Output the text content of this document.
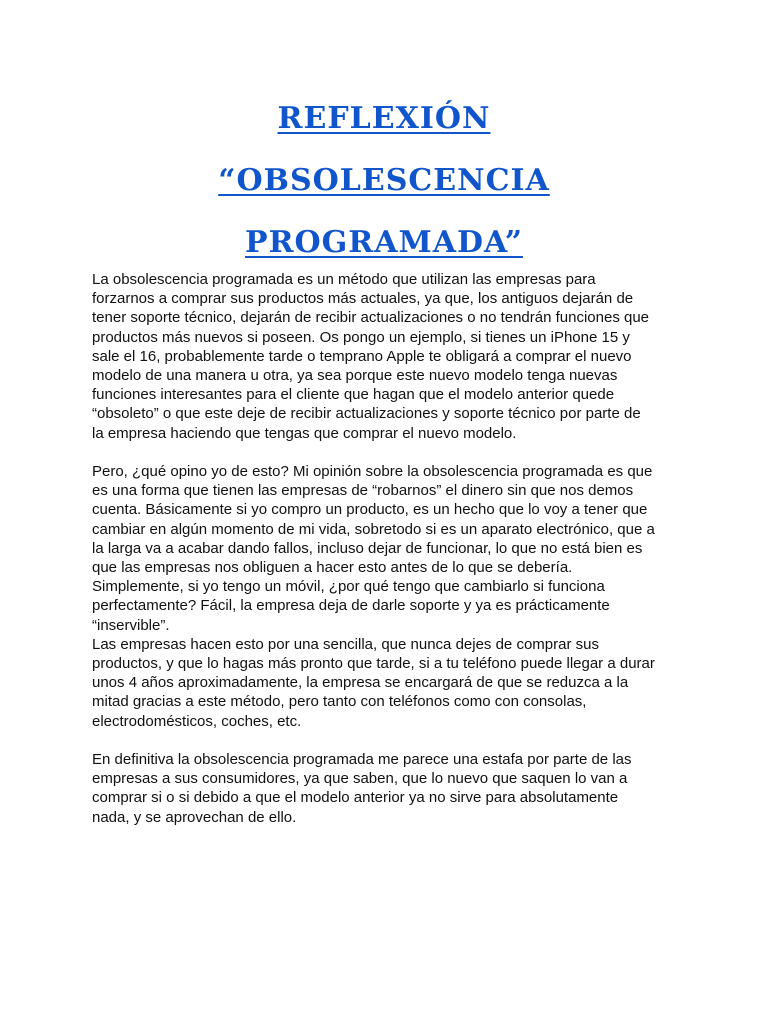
REFLEXIÓN
“OBSOLESCENCIA
PROGRAMADA”
La obsolescencia programada es un método que utilizan las empresas para
forzarnos a comprar sus productos más actuales, ya que, los antiguos dejarán de
tener soporte técnico, dejarán de recibir actualizaciones o no tendrán funciones que
productos más nuevos si poseen. Os pongo un ejemplo, si tienes un iPhone 15 y
sale el 16, probablemente tarde o temprano Apple te obligará a comprar el nuevo
modelo de una manera u otra, ya sea porque este nuevo modelo tenga nuevas
funciones interesantes para el cliente que hagan que el modelo anterior quede
“obsoleto” o que este deje de recibir actualizaciones y soporte técnico por parte de
la empresa haciendo que tengas que comprar el nuevo modelo.
Pero, ¿qué opino yo de esto? Mi opinión sobre la obsolescencia programada es que
es una forma que tienen las empresas de “robarnos” el dinero sin que nos demos
cuenta. Básicamente si yo compro un producto, es un hecho que lo voy a tener que
cambiar en algún momento de mi vida, sobretodo si es un aparato electrónico, que a
la larga va a acabar dando fallos, incluso dejar de funcionar, lo que no está bien es
que las empresas nos obliguen a hacer esto antes de lo que se debería.
Simplemente, si yo tengo un móvil, ¿por qué tengo que cambiarlo si funciona
perfectamente? Fácil, la empresa deja de darle soporte y ya es prácticamente
“inservible”.
Las empresas hacen esto por una sencilla, que nunca dejes de comprar sus
productos, y que lo hagas más pronto que tarde, si a tu teléfono puede llegar a durar
unos 4 años aproximadamente, la empresa se encargará de que se reduzca a la
mitad gracias a este método, pero tanto con teléfonos como con consolas,
electrodomésticos, coches, etc.
En definitiva la obsolescencia programada me parece una estafa por parte de las
empresas a sus consumidores, ya que saben, que lo nuevo que saquen lo van a
comprar si o si debido a que el modelo anterior ya no sirve para absolutamente
nada, y se aprovechan de ello.
